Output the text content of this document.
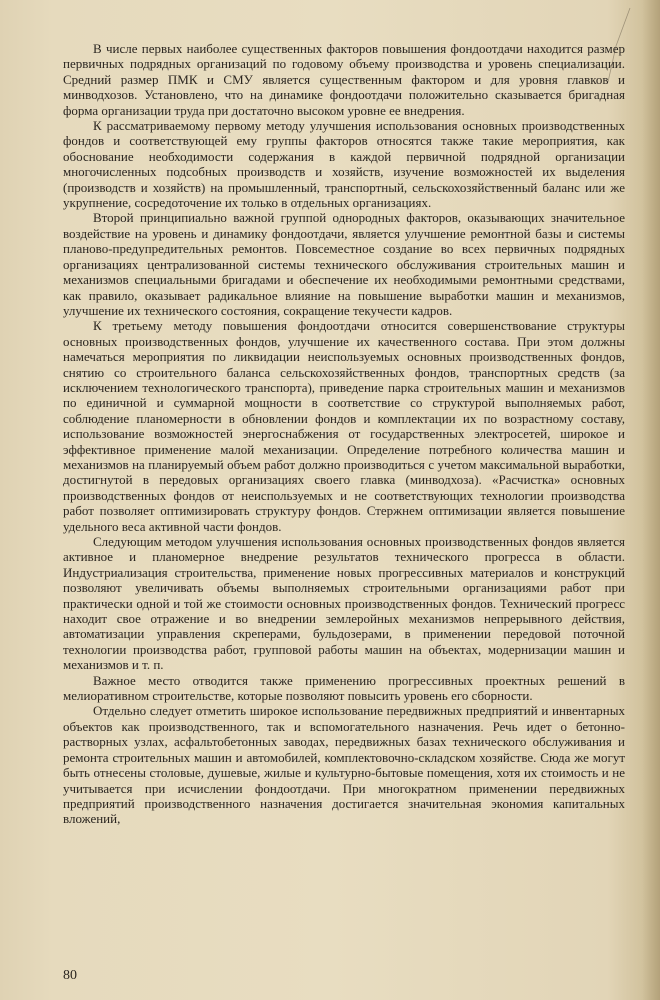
В числе первых наиболее существенных факторов повышения фондоотдачи находится размер первичных подрядных организаций по годовому объему производства и уровень специализации. Средний размер ПМК и СМУ является существенным фактором и для уровня главков и минводхозов. Установлено, что на динамике фондоотдачи положительно сказывается бригадная форма организации труда при достаточно высоком уровне ее внедрения.

К рассматриваемому первому методу улучшения использования основных производственных фондов и соответствующей ему группы факторов относятся также такие мероприятия, как обоснование необходимости содержания в каждой первичной подрядной организации многочисленных подсобных производств и хозяйств, изучение возможностей их выделения (производств и хозяйств) на промышленный, транспортный, сельскохозяйственный баланс или же укрупнение, сосредоточение их только в отдельных организациях.

Второй принципиально важной группой однородных факторов, оказывающих значительное воздействие на уровень и динамику фондоотдачи, является улучшение ремонтной базы и системы планово-предупредительных ремонтов. Повсеместное создание во всех первичных подрядных организациях централизованной системы технического обслуживания строительных машин и механизмов специальными бригадами и обеспечение их необходимыми ремонтными средствами, как правило, оказывает радикальное влияние на повышение выработки машин и механизмов, улучшение их технического состояния, сокращение текучести кадров.

К третьему методу повышения фондоотдачи относится совершенствование структуры основных производственных фондов, улучшение их качественного состава. При этом должны намечаться мероприятия по ликвидации неиспользуемых основных производственных фондов, снятию со строительного баланса сельскохозяйственных фондов, транспортных средств (за исключением технологического транспорта), приведение парка строительных машин и механизмов по единичной и суммарной мощности в соответствие со структурой выполняемых работ, соблюдение планомерности в обновлении фондов и комплектации их по возрастному составу, использование возможностей энергоснабжения от государственных электросетей, широкое и эффективное применение малой механизации. Определение потребного количества машин и механизмов на планируемый объем работ должно производиться с учетом максимальной выработки, достигнутой в передовых организациях своего главка (минводхоза). «Расчистка» основных производственных фондов от неиспользуемых и не соответствующих технологии производства работ позволяет оптимизировать структуру фондов. Стержнем оптимизации является повышение удельного веса активной части фондов.

Следующим методом улучшения использования основных производственных фондов является активное и планомерное внедрение результатов технического прогресса в области. Индустриализация строительства, применение новых прогрессивных материалов и конструкций позволяют увеличивать объемы выполняемых строительными организациями работ при практически одной и той же стоимости основных производственных фондов. Технический прогресс находит свое отражение и во внедрении землеройных механизмов непрерывного действия, автоматизации управления скреперами, бульдозерами, в применении передовой поточной технологии производства работ, групповой работы машин на объектах, модернизации машин и механизмов и т. п.

Важное место отводится также применению прогрессивных проектных решений в мелиоративном строительстве, которые позволяют повысить уровень его сборности.

Отдельно следует отметить широкое использование передвижных предприятий и инвентарных объектов как производственного, так и вспомогательного назначения. Речь идет о бетонно-растворных узлах, асфальтобетонных заводах, передвижных базах технического обслуживания и ремонта строительных машин и автомобилей, комплектовочно-складском хозяйстве. Сюда же могут быть отнесены столовые, душевые, жилые и культурно-бытовые помещения, хотя их стоимость и не учитывается при исчислении фондоотдачи. При многократном применении передвижных предприятий производственного назначения достигается значительная экономия капитальных вложений,

80
